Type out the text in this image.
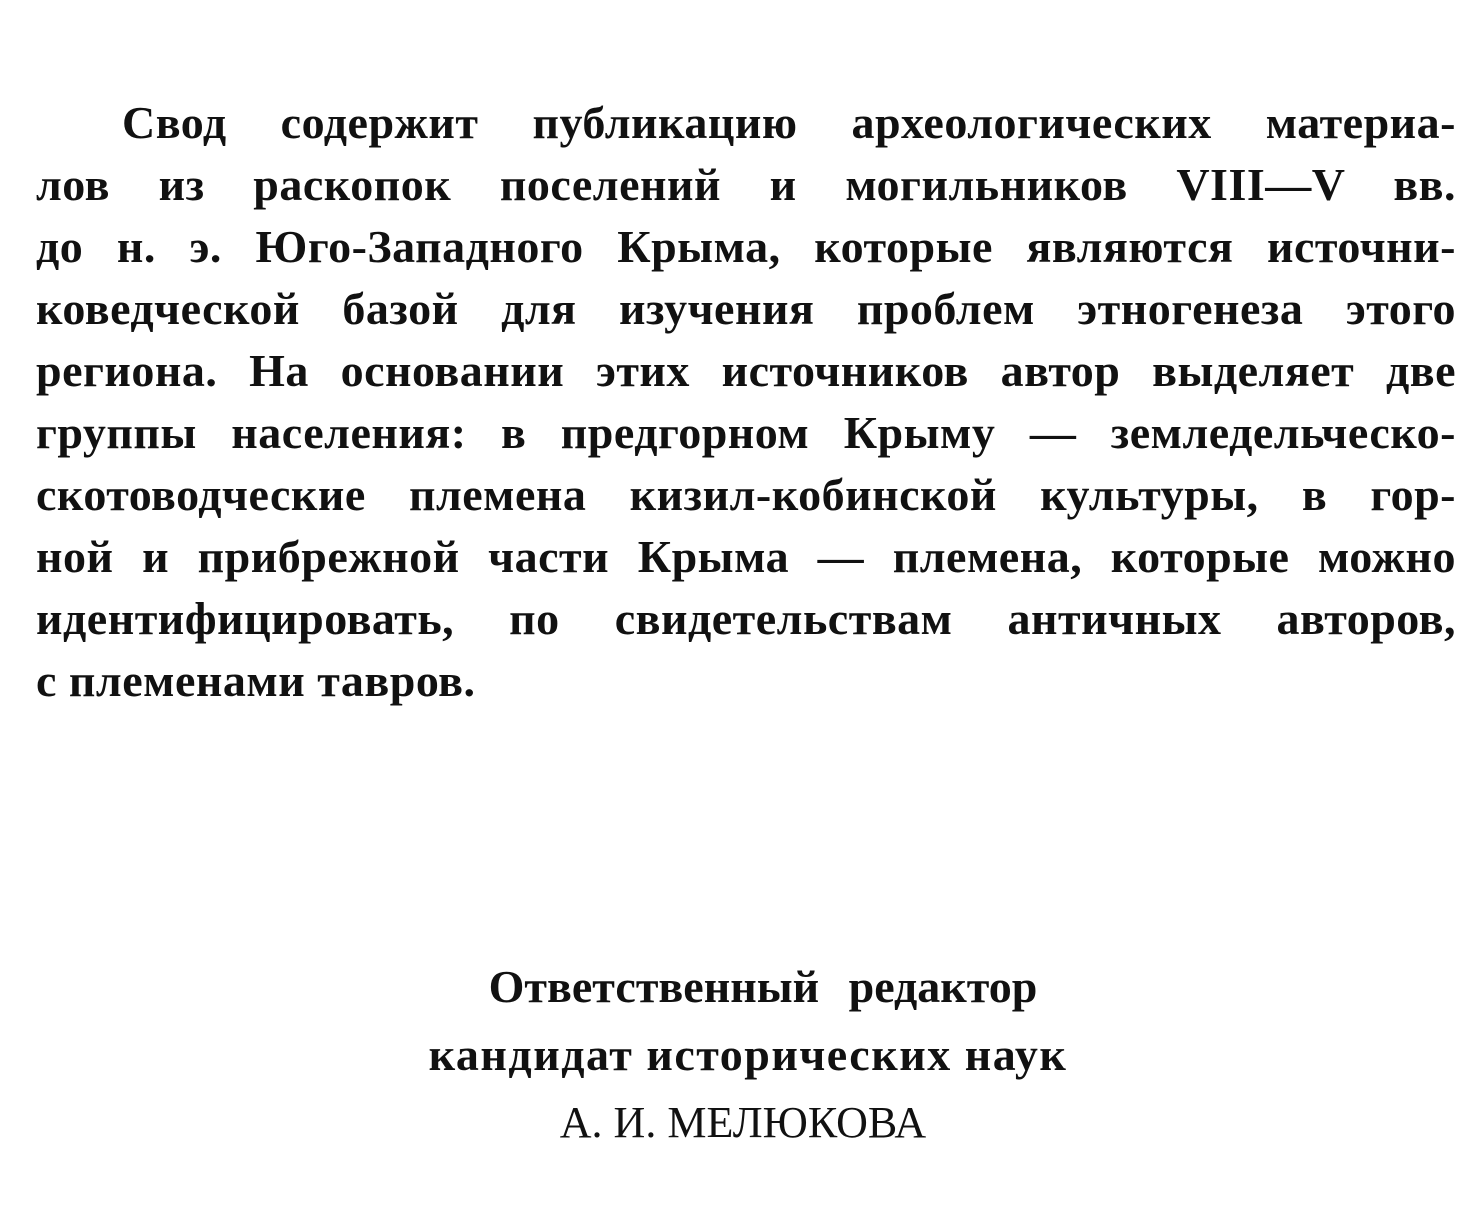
Свод содержит публикацию археологических материа-
лов из раскопок поселений и могильников VIII—V вв.
до н. э. Юго-Западного Крыма, которые являются источни-
коведческой базой для изучения проблем этногенеза этого
региона. На основании этих источников автор выделяет две
группы населения: в предгорном Крыму — земледельческо-
скотоводческие племена кизил-кобинской культуры, в гор-
ной и прибрежной части Крыма — племена, которые можно
идентифицировать, по свидетельствам античных авторов,
с племенами тавров.
Ответственный редактор
кандидат исторических наук
А. И. МЕЛЮКОВА
